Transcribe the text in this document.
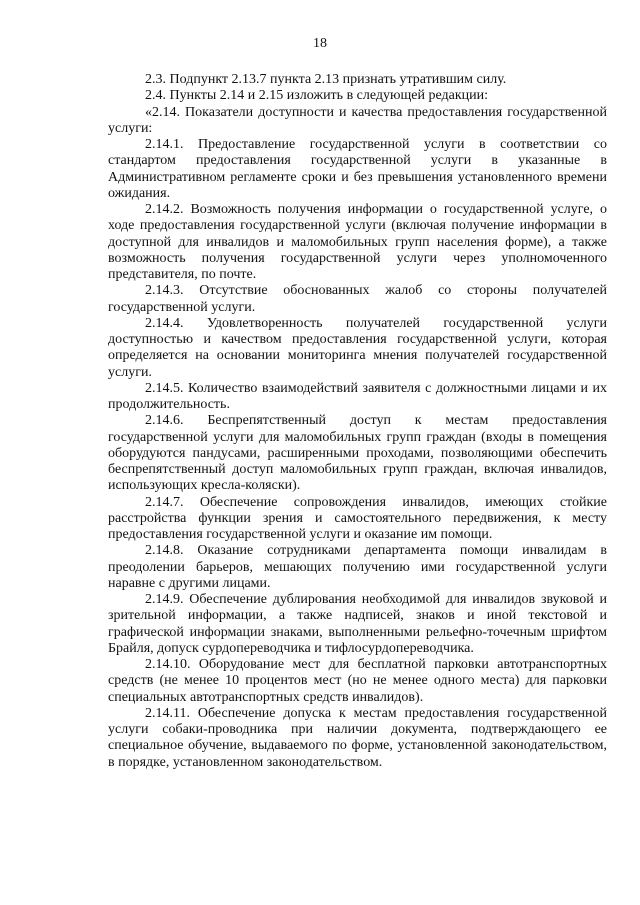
18

2.3. Подпункт 2.13.7 пункта 2.13 признать утратившим силу.

2.4. Пункты 2.14 и 2.15 изложить в следующей редакции:

«2.14. Показатели доступности и качества предоставления государственной услуги:

2.14.1. Предоставление государственной услуги в соответствии со стандартом предоставления государственной услуги в указанные в Административном регламенте сроки и без превышения установленного времени ожидания.

2.14.2. Возможность получения информации о государственной услуге, о ходе предоставления государственной услуги (включая получение информации в доступной для инвалидов и маломобильных групп населения форме), а также возможность получения государственной услуги через уполномоченного представителя, по почте.

2.14.3. Отсутствие обоснованных жалоб со стороны получателей государственной услуги.

2.14.4. Удовлетворенность получателей государственной услуги доступностью и качеством предоставления государственной услуги, которая определяется на основании мониторинга мнения получателей государственной услуги.

2.14.5. Количество взаимодействий заявителя с должностными лицами и их продолжительность.

2.14.6. Беспрепятственный доступ к местам предоставления государственной услуги для маломобильных групп граждан (входы в помещения оборудуются пандусами, расширенными проходами, позволяющими обеспечить беспрепятственный доступ маломобильных групп граждан, включая инвалидов, использующих кресла-коляски).

2.14.7. Обеспечение сопровождения инвалидов, имеющих стойкие расстройства функции зрения и самостоятельного передвижения, к месту предоставления государственной услуги и оказание им помощи.

2.14.8. Оказание сотрудниками департамента помощи инвалидам в преодолении барьеров, мешающих получению ими государственной услуги наравне с другими лицами.

2.14.9. Обеспечение дублирования необходимой для инвалидов звуковой и зрительной информации, а также надписей, знаков и иной текстовой и графической информации знаками, выполненными рельефно-точечным шрифтом Брайля, допуск сурдопереводчика и тифлосурдопереводчика.

2.14.10. Оборудование мест для бесплатной парковки автотранспортных средств (не менее 10 процентов мест (но не менее одного места) для парковки специальных автотранспортных средств инвалидов).

2.14.11. Обеспечение допуска к местам предоставления государственной услуги собаки-проводника при наличии документа, подтверждающего ее специальное обучение, выдаваемого по форме, установленной законодательством, в порядке, установленном законодательством.
